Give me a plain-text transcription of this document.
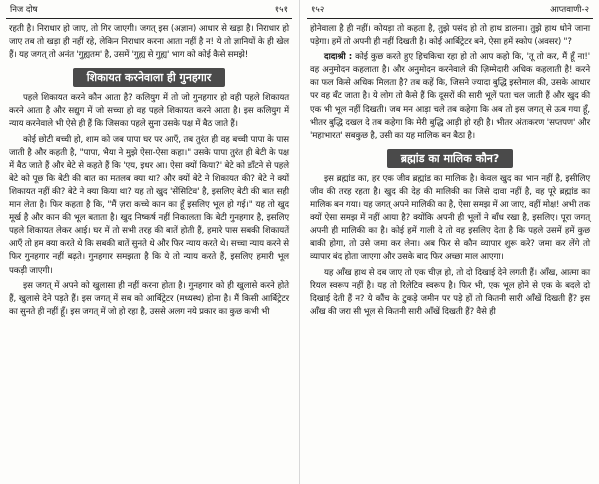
निज दोष	१५१

रहती है। निराधार हो जाए, तो गिर जाएगी। जगत् इस (अज्ञान) आधार से खड़ा है। निराधार हो जाए तब तो खड़ा ही नहीं रहे, लेकिन निराधार करना आता नहीं है न! ये तो ज्ञानियों के ही खेल हैं। यह जगत् तो अनंत 'गुह्यतम' है, उसमें 'गुह्य से गुह्य' भाग को कोई कैसे समझे!

शिकायत करनेवाला ही गुनहगार

पहले शिकायत करने कौन आता है? कलियुग में तो जो गुनहगार हो वही पहले शिकायत करने आता है और सद्युग में जो सच्चा हो वह पहले शिकायत करने आता है। इस कलियुग में न्याय करनेवाले भी ऐसे ही हैं कि जिसका पहले सुना उसके पक्ष में बैठ जाते हैं।

कोई छोटी बच्ची हो, शाम को जब पापा घर पर आएँ, तब तुरंत ही वह बच्ची पापा के पास जाती है और कहती है, "पापा, भैया ने मुझे ऐसा-ऐसा कहा।" उसके पापा तुरंत ही बेटी के पक्ष में बैठ जाते हैं और बेटे से कहते हैं कि 'एय, इधर आ। ऐसा क्यों किया?' बेटे को डाँटने से पहले बेटे को पूछ कि बेटी की बात का मतलब क्या था? और क्यों बेटे ने शिकायत की? बेटे ने क्यों शिकायत नहीं की? बेटे ने क्या किया था? यह तो खुद 'सेंसिटिव' है, इसलिए बेटी की बात सही मान लेता है। फिर कहता है कि, "मैं ज़रा कच्चे कान का हूँ इसलिए भूल हो गई।" यह तो खुद मूर्ख है और कान की भूल बताता है। खुद निष्कर्ष नहीं निकालता कि बेटी गुनहगार है, इसलिए पहले शिकायत लेकर आई। घर में तो सभी तरह की बातें होती हैं, हमारे पास सबकी शिकायतें आएँ तो हम क्या करते थे कि सबकी बातें सुनते थे और फिर न्याय करते थे। सच्चा न्याय करने से फिर गुनहगार नहीं बढ़ते। गुनहगार समझता है कि ये तो न्याय करते हैं, इसलिए हमारी भूल पकड़ी जाएगी।

इस जगत् में अपने को खुलासा ही नहीं करना होता है। गुनहगार को ही खुलासे करने होते हैं, खुलासे देने पड़ते हैं। इस जगत् में सब को आर्बिट्रेटर (मध्यस्थ) होना है। मैं किसी आर्बिट्रेटर का सुनते ही नहीं हूँ। इस जगत् में जो हो रहा है, उससे अलग नये प्रकार का कुछ कभी भी

१५२	आप्तवाणी-२

होनेवाला है ही नहीं। कोयड़ा तो कहता है, तुझे पसंद हो तो हाथ डालना। तुझे हाथ धोने जाना पड़ेगा। हमें तो अपनी ही नहीं दिखती है। कोई आर्बिट्रेटर बने, ऐसा हमें स्कोप (अवसर) "?

दादाश्री : कोई कुछ करते हुए हिचकिचा रहा हो तो आप कहो कि, 'तू तो कर, मैं हूँ ना!' वह अनुमोदन कहलाता है। और अनुमोदन करनेवाले की ज़िम्मेदारी अधिक कहलाती है! करने का फल किसे अधिक मिलता है? तब कहें कि, जिसने ज्यादा बुद्धि इस्तेमाल की, उसके आधार पर वह बँट जाता है। ये लोग तो कैसे हैं कि दूसरों की सारी भूलें पता चल जाती हैं और खुद की एक भी भूल नहीं दिखती। जब मन आड़ा चले तब कहेगा कि अब तो इस जगत् से ऊब गया हूँ, भीतर बुद्धि दखल दे तब कहेगा कि मेरी बुद्धि आड़ी हो रही है। भीतर अंतःकरण 'सप्तपण' और 'महाभारत' सबकुछ है, उसी का यह मालिक बन बैठा है।

ब्रह्मांड का मालिक कौन?

इस ब्रह्मांड का, हर एक जीव ब्रह्मांड का मालिक है। केवल खुद का भान नहीं है, इसीलिए जीव की तरह रहता है। खुद की देह की मालिकी का जिसे दावा नहीं है, वह पूरे ब्रह्मांड का मालिक बन गया। यह जगत् अपने मालिकी का है, ऐसा समझ में आ जाए, वहीं मोक्ष! अभी तक क्यों ऐसा समझ में नहीं आया है? क्योंकि अपनी ही भूलों ने बाँध रखा है, इसलिए। पूरा जगत् अपनी ही मालिकी का है। कोई हमें गाली दे तो वह इसलिए देता है कि पहले उसमें हमें कुछ बाकी होगा, तो उसे जमा कर लेना। अब फिर से कौन व्यापार शुरू करे? जमा कर लेंगे तो व्यापार बंद होता जाएगा और उसके बाद फिर अच्छा माल आएगा।

यह आँख हाथ से दब जाए तो एक चीज़ हो, तो दो दिखाई देने लगती हैं। आँख, आत्मा का रियल स्वरूप नहीं है। यह तो रिलेटिव स्वरूप है। फिर भी, एक भूल होने से एक के बदले दो दिखाई देती हैं न? ये कौंच के टुकड़े जमीन पर पड़े हों तो कितनी सारी आँखें दिखती हैं? इस आँख की जरा सी भूल से कितनी सारी आँखें दिखती हैं? वैसे ही
